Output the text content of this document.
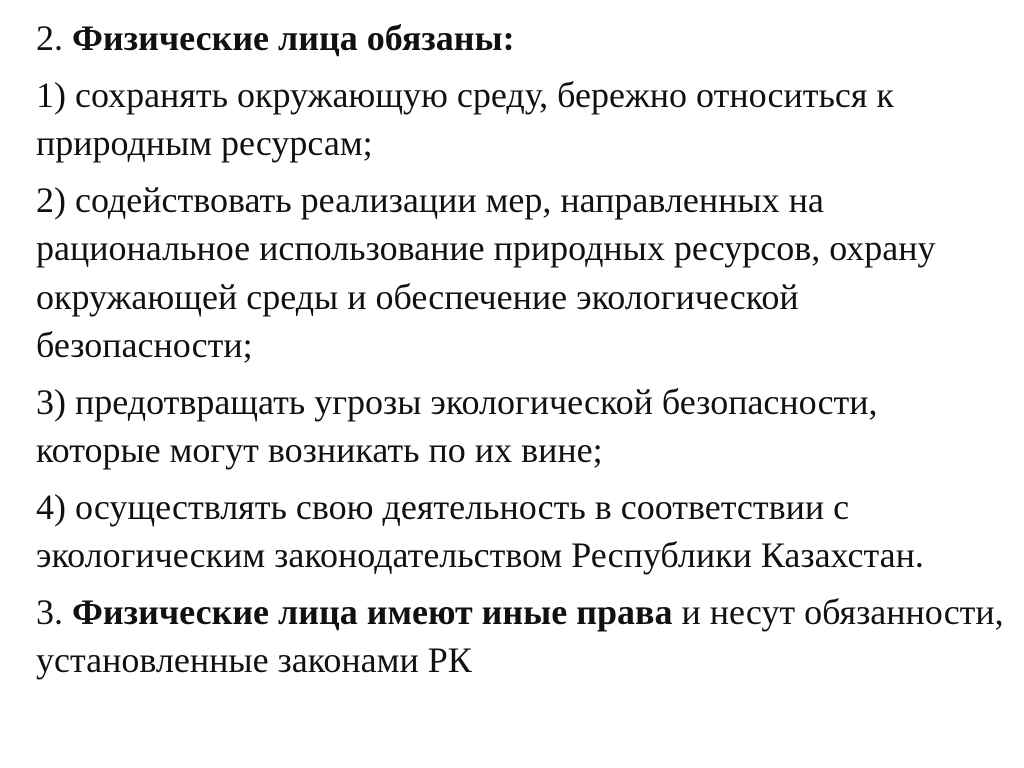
2. Физические лица обязаны:

1) сохранять окружающую среду, бережно относиться к природным ресурсам;

2) содействовать реализации мер, направленных на рациональное использование природных ресурсов, охрану окружающей среды и обеспечение экологической безопасности;

3) предотвращать угрозы экологической безопасности, которые могут возникать по их вине;

4) осуществлять свою деятельность в соответствии с экологическим законодательством Республики Казахстан.

3. Физические лица имеют иные права и несут обязанности, установленные законами РК
